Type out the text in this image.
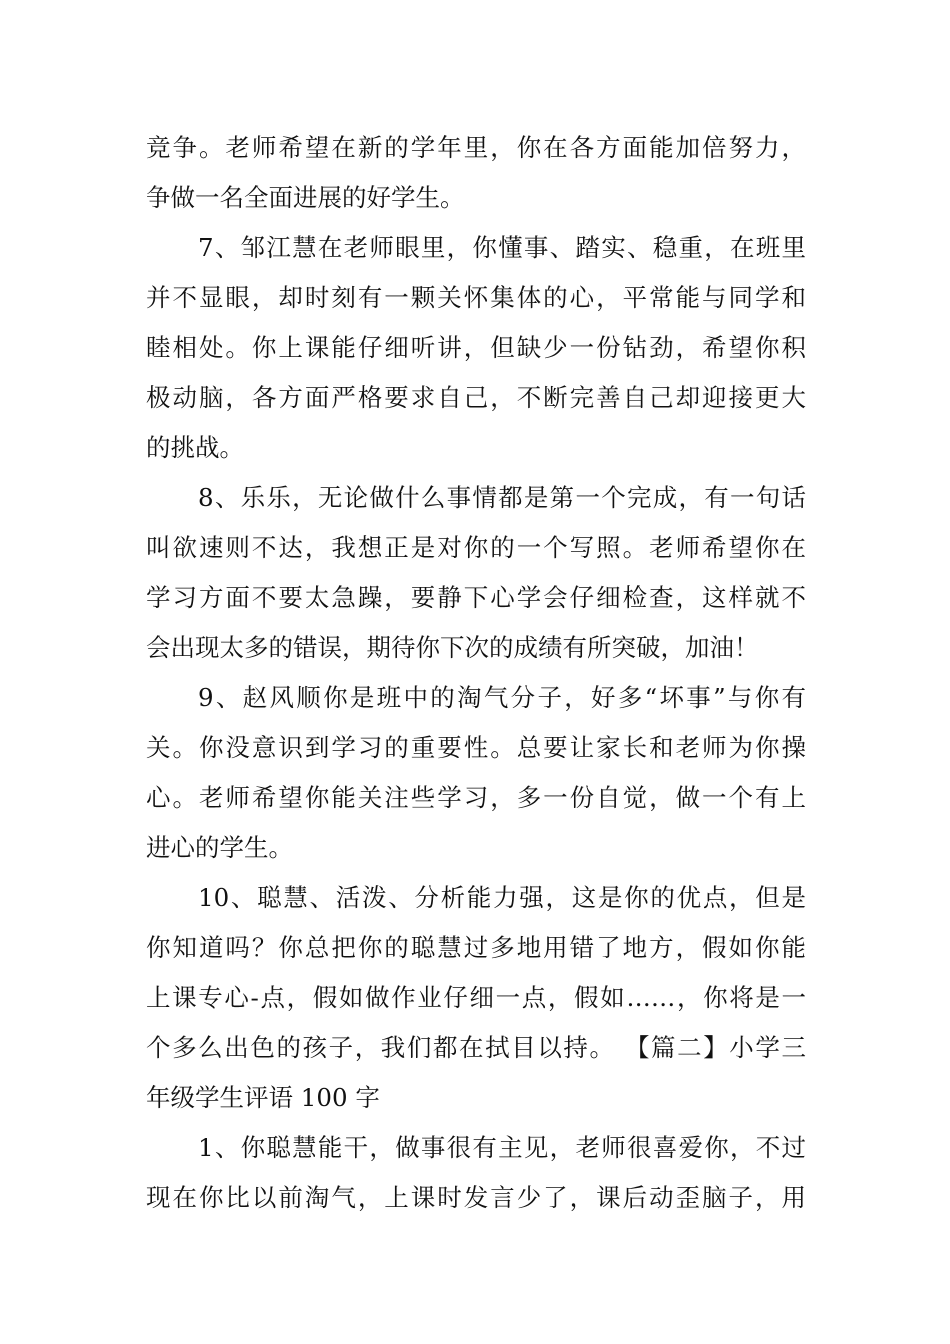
竞争。老师希望在新的学年里，你在各方面能加倍努力，
争做一名全面进展的好学生。
7、邹江慧在老师眼里，你懂事、踏实、稳重，在班里
并不显眼，却时刻有一颗关怀集体的心，平常能与同学和
睦相处。你上课能仔细听讲，但缺少一份钻劲，希望你积
极动脑，各方面严格要求自己，不断完善自己却迎接更大
的挑战。
8、乐乐，无论做什么事情都是第一个完成，有一句话
叫欲速则不达，我想正是对你的一个写照。老师希望你在
学习方面不要太急躁，要静下心学会仔细检查，这样就不
会出现太多的错误，期待你下次的成绩有所突破，加油！
9、赵风顺你是班中的淘气分子，好多“坏事”与你有
关。你没意识到学习的重要性。总要让家长和老师为你操
心。老师希望你能关注些学习，多一份自觉，做一个有上
进心的学生。
10、聪慧、活泼、分析能力强，这是你的优点，但是
你知道吗？你总把你的聪慧过多地用错了地方，假如你能
上课专心-点，假如做作业仔细一点，假如……，你将是一
个多么出色的孩子，我们都在拭目以持。 【篇二】小学三
年级学生评语 100 字
1、你聪慧能干，做事很有主见，老师很喜爱你，不过
现在你比以前淘气，上课时发言少了，课后动歪脑子，用
